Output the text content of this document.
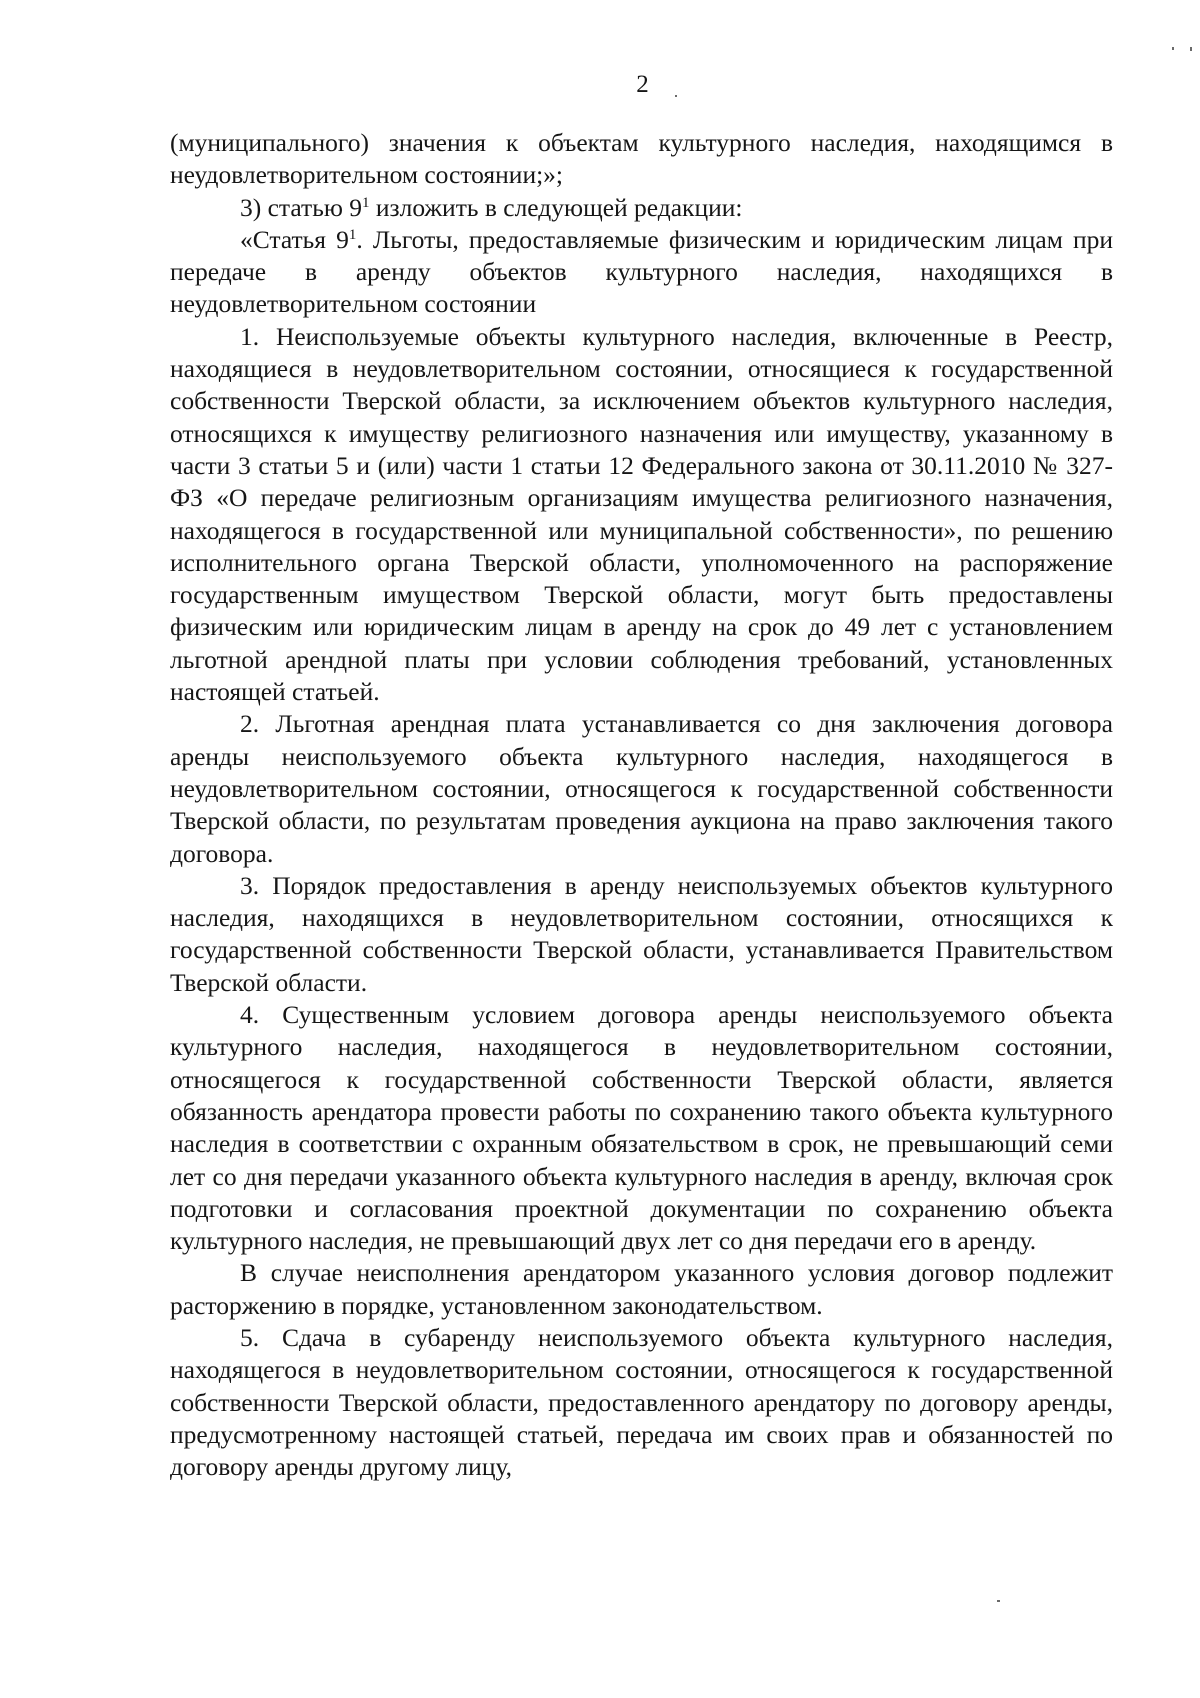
2

(муниципального) значения к объектам культурного наследия, находящимся в неудовлетворительном состоянии;»;

3) статью $9^1$ изложить в следующей редакции:

«Статья $9^1$. Льготы, предоставляемые физическим и юридическим лицам при передаче в аренду объектов культурного наследия, находящихся в неудовлетворительном состоянии

1. Неиспользуемые объекты культурного наследия, включенные в Реестр, находящиеся в неудовлетворительном состоянии, относящиеся к государственной собственности Тверской области, за исключением объектов культурного наследия, относящихся к имуществу религиозного назначения или имуществу, указанному в части 3 статьи 5 и (или) части 1 статьи 12 Федерального закона от 30.11.2010 № 327-ФЗ «О передаче религиозным организациям имущества религиозного назначения, находящегося в государственной или муниципальной собственности», по решению исполнительного органа Тверской области, уполномоченного на распоряжение государственным имуществом Тверской области, могут быть предоставлены физическим или юридическим лицам в аренду на срок до 49 лет с установлением льготной арендной платы при условии соблюдения требований, установленных настоящей статьей.

2. Льготная арендная плата устанавливается со дня заключения договора аренды неиспользуемого объекта культурного наследия, находящегося в неудовлетворительном состоянии, относящегося к государственной собственности Тверской области, по результатам проведения аукциона на право заключения такого договора.

3. Порядок предоставления в аренду неиспользуемых объектов культурного наследия, находящихся в неудовлетворительном состоянии, относящихся к государственной собственности Тверской области, устанавливается Правительством Тверской области.

4. Существенным условием договора аренды неиспользуемого объекта культурного наследия, находящегося в неудовлетворительном состоянии, относящегося к государственной собственности Тверской области, является обязанность арендатора провести работы по сохранению такого объекта культурного наследия в соответствии с охранным обязательством в срок, не превышающий семи лет со дня передачи указанного объекта культурного наследия в аренду, включая срок подготовки и согласования проектной документации по сохранению объекта культурного наследия, не превышающий двух лет со дня передачи его в аренду.

В случае неисполнения арендатором указанного условия договор подлежит расторжению в порядке, установленном законодательством.

5. Сдача в субаренду неиспользуемого объекта культурного наследия, находящегося в неудовлетворительном состоянии, относящегося к государственной собственности Тверской области, предоставленного арендатору по договору аренды, предусмотренному настоящей статьей, передача им своих прав и обязанностей по договору аренды другому лицу,
